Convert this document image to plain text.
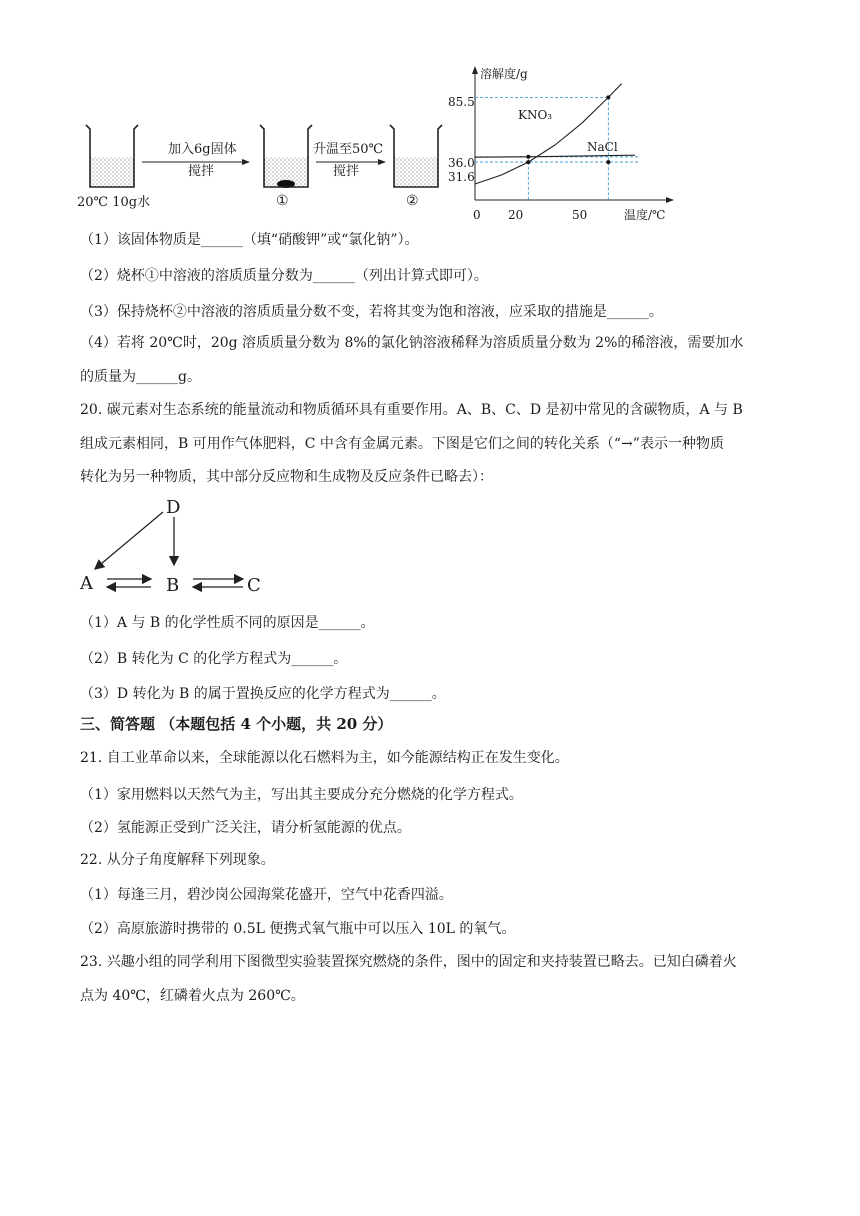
加入6g固体
搅拌
升温至50℃
搅拌
20℃ 10g水	①	②
溶解度/g
温度/℃
0
85.5
36.0
31.6
20	50
KNO₃
NaCl
（1）该固体物质是______（填“硝酸钾”或“氯化钠”）。
（2）烧杯①中溶液的溶质质量分数为______（列出计算式即可）。
（3）保持烧杯②中溶液的溶质质量分数不变，若将其变为饱和溶液，应采取的措施是______。
（4）若将 20℃时，20g 溶质质量分数为 8%的氯化钠溶液稀释为溶质质量分数为 2%的稀溶液，需要加水
的质量为______g。
20. 碳元素对生态系统的能量流动和物质循环具有重要作用。A、B、C、D 是初中常见的含碳物质，A 与 B
组成元素相同，B 可用作气体肥料，C 中含有金属元素。下图是它们之间的转化关系（“→”表示一种物质
转化为另一种物质，其中部分反应物和生成物及反应条件已略去）：
D
A	B	C
（1）A 与 B 的化学性质不同的原因是______。
（2）B 转化为 C 的化学方程式为______。
（3）D 转化为 B 的属于置换反应的化学方程式为______。
三、简答题 （本题包括 4 个小题，共 20 分）
21. 自工业革命以来，全球能源以化石燃料为主，如今能源结构正在发生变化。
（1）家用燃料以天然气为主，写出其主要成分充分燃烧的化学方程式。
（2）氢能源正受到广泛关注，请分析氢能源的优点。
22. 从分子角度解释下列现象。
（1）每逢三月，碧沙岗公园海棠花盛开，空气中花香四溢。
（2）高原旅游时携带的 0.5L 便携式氧气瓶中可以压入 10L 的氧气。
23. 兴趣小组的同学利用下图微型实验装置探究燃烧的条件，图中的固定和夹持装置已略去。已知白磷着火
点为 40℃，红磷着火点为 260℃。
